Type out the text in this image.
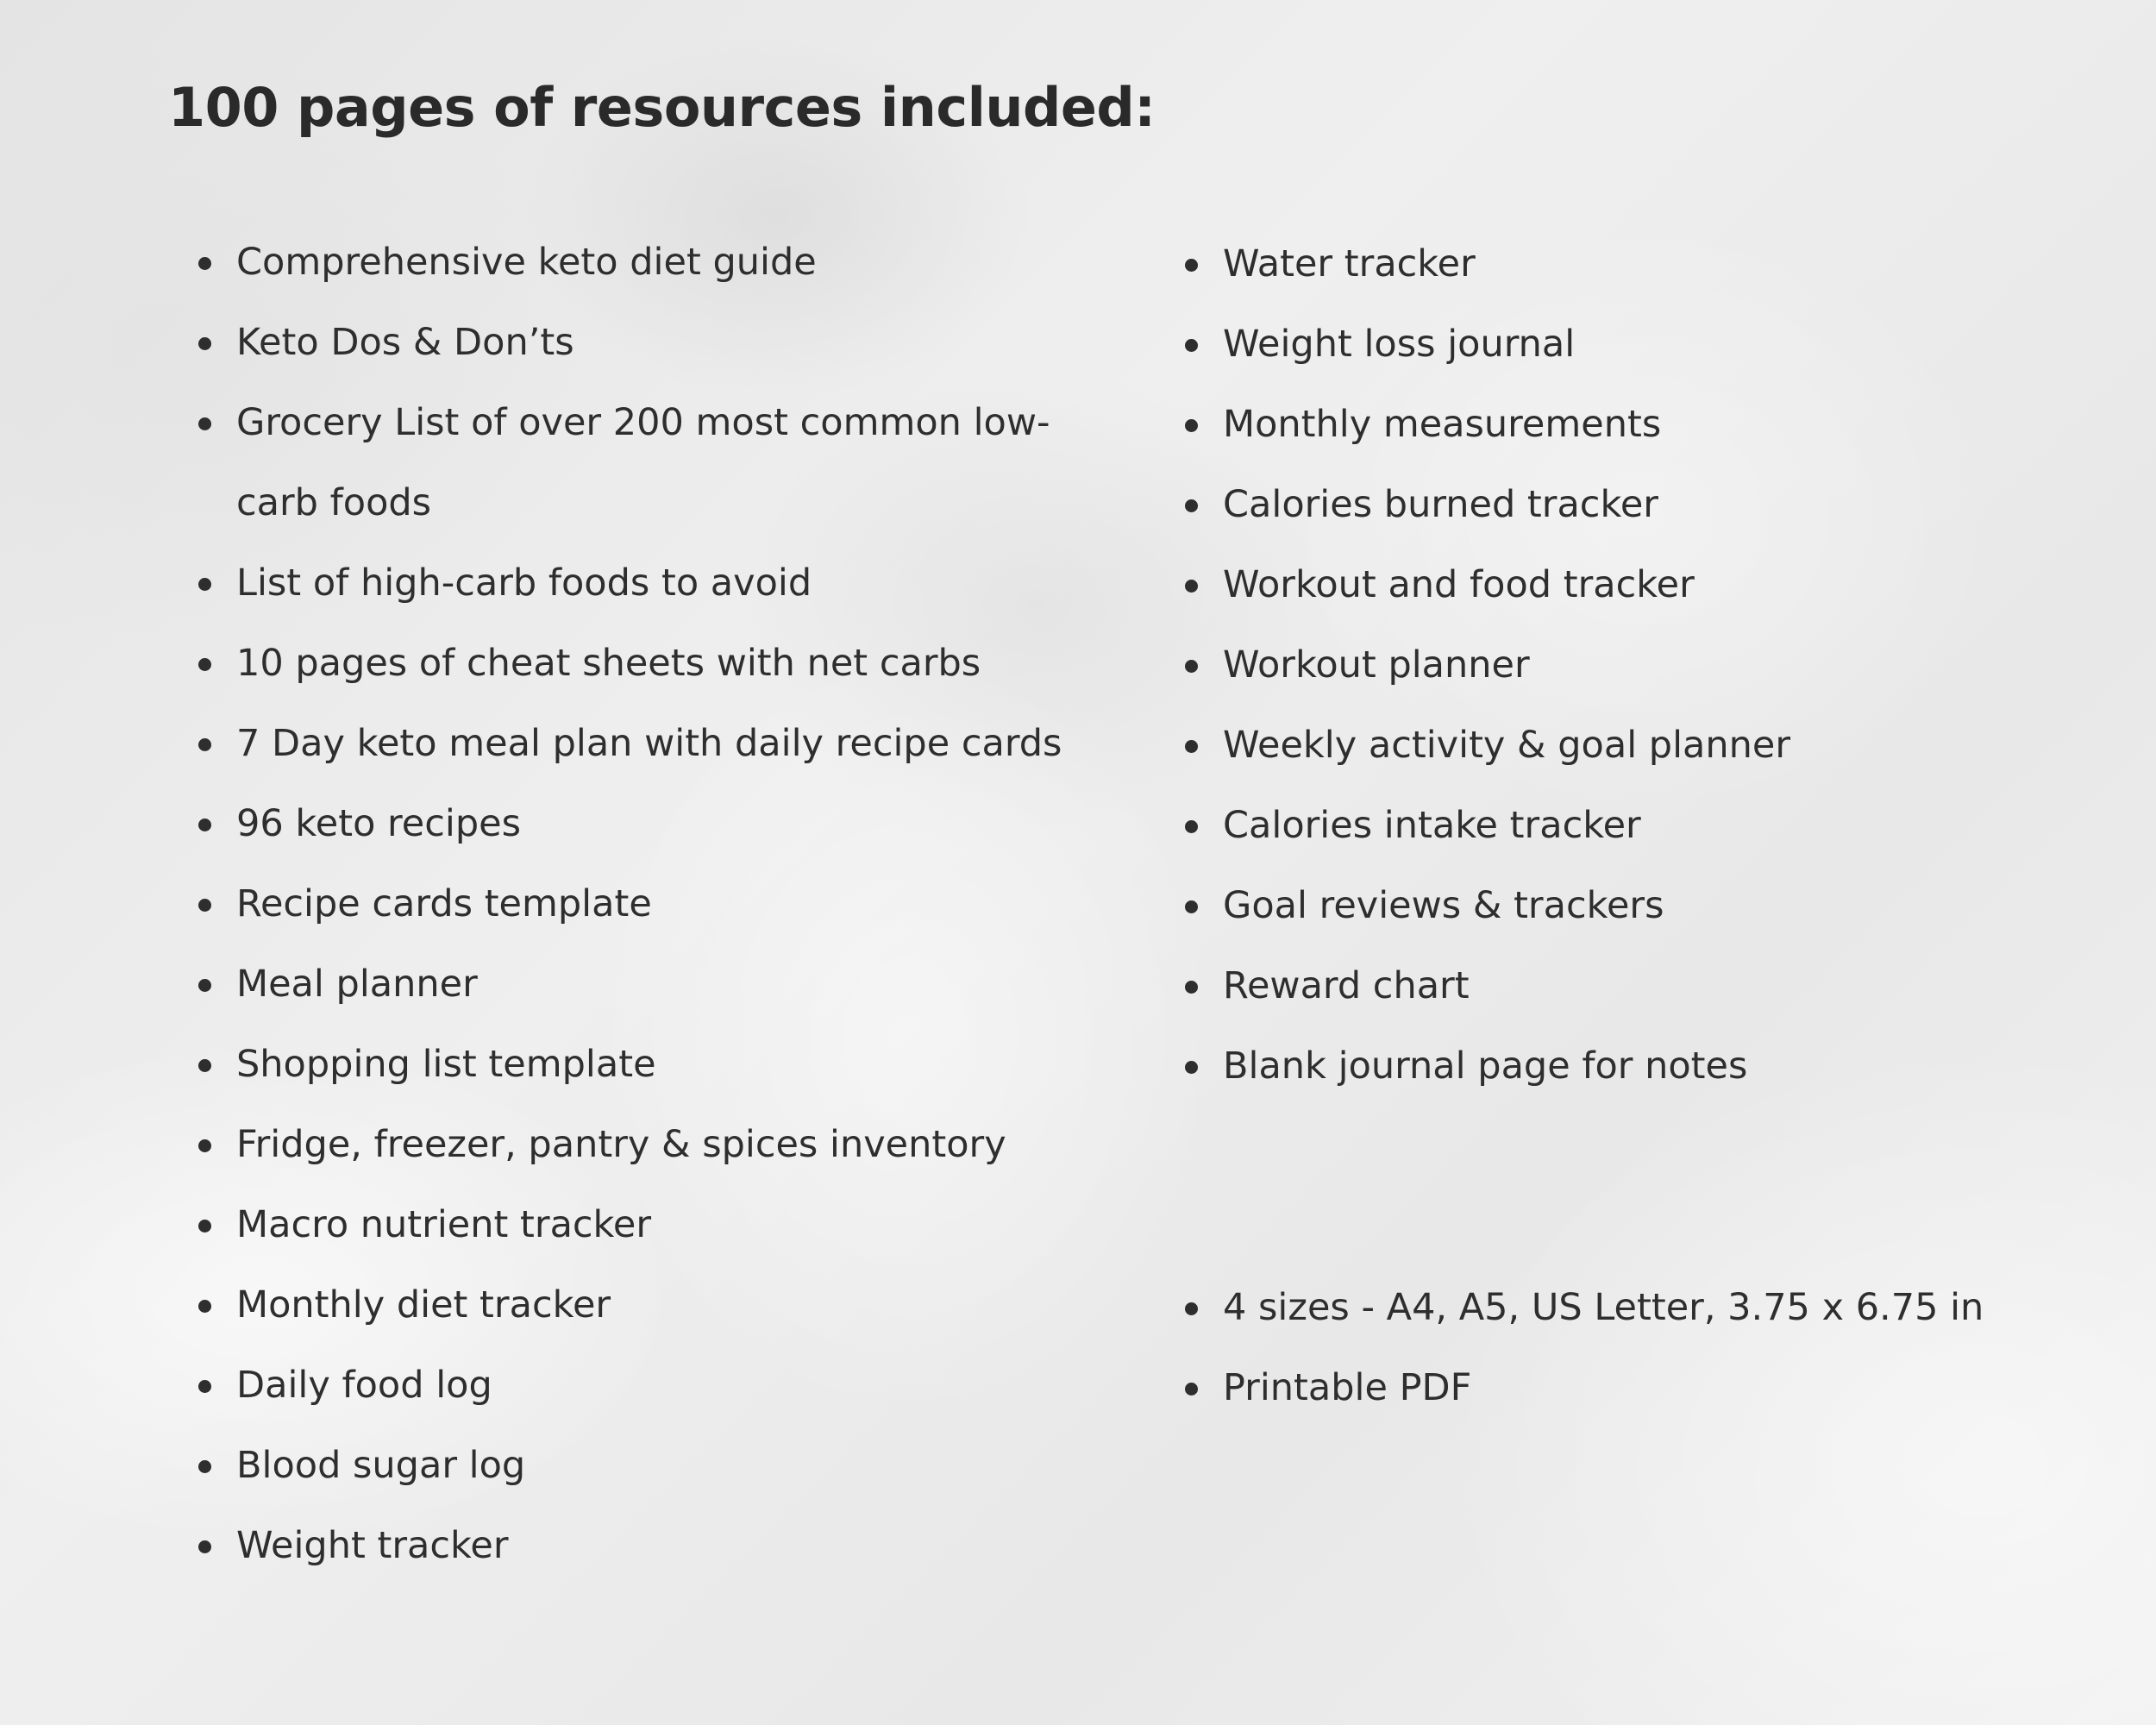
100 pages of resources included:
Comprehensive keto diet guide
Keto Dos & Don’ts
Grocery List of over 200 most common low-carb foods
List of high-carb foods to avoid
10 pages of cheat sheets with net carbs
7 Day keto meal plan with daily recipe cards
96 keto recipes
Recipe cards template
Meal planner
Shopping list template
Fridge, freezer, pantry & spices inventory
Macro nutrient tracker
Monthly diet tracker
Daily food log
Blood sugar log
Weight tracker
Water tracker
Weight loss journal
Monthly measurements
Calories burned tracker
Workout and food tracker
Workout planner
Weekly activity & goal planner
Calories intake tracker
Goal reviews & trackers
Reward chart
Blank journal page for notes
4 sizes - A4, A5, US Letter, 3.75 x 6.75 in
Printable PDF
